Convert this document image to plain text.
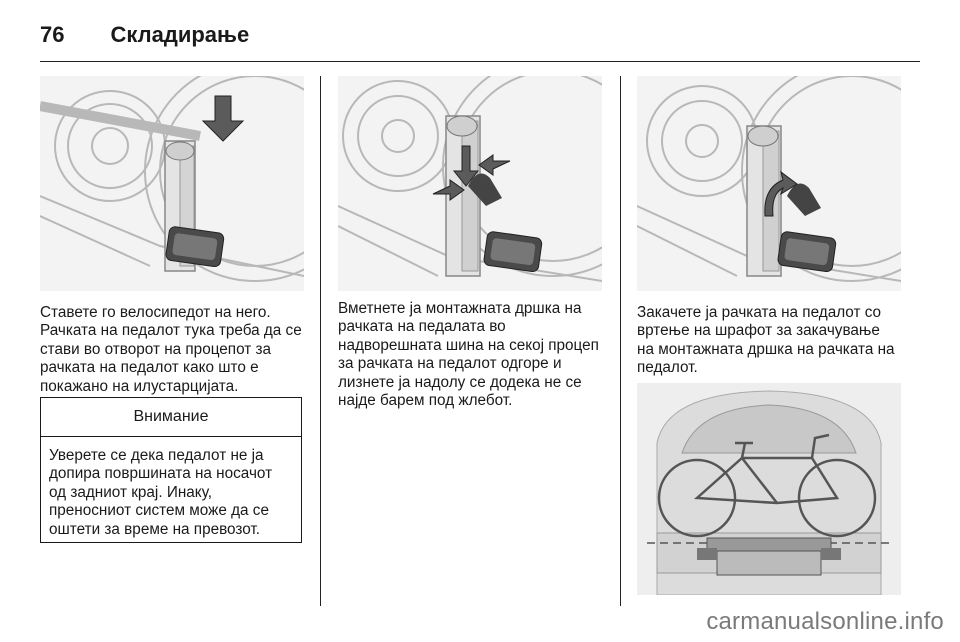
76 Складирање

Ставете го велосипедот на него. Рачката на педалот тука треба да се стави во отворот на процепот за рачката на педалот како што е покажано на илустарцијата.

Внимание

Уверете се дека педалот не ја допира површината на носачот од задниот крај. Инаку, преносниот систем може да се оштети за време на превозот.

Вметнете ја монтажната дршка на рачката на педалата во надворешната шина на секој процеп за рачката на педалот одгоре и лизнете ја надолу се додека не се најде барем под жлебот.

Закачете ја рачката на педалот со вртење на шрафот за закачување на монтажната дршка на рачката на педалот.

carmanualsonline.info
